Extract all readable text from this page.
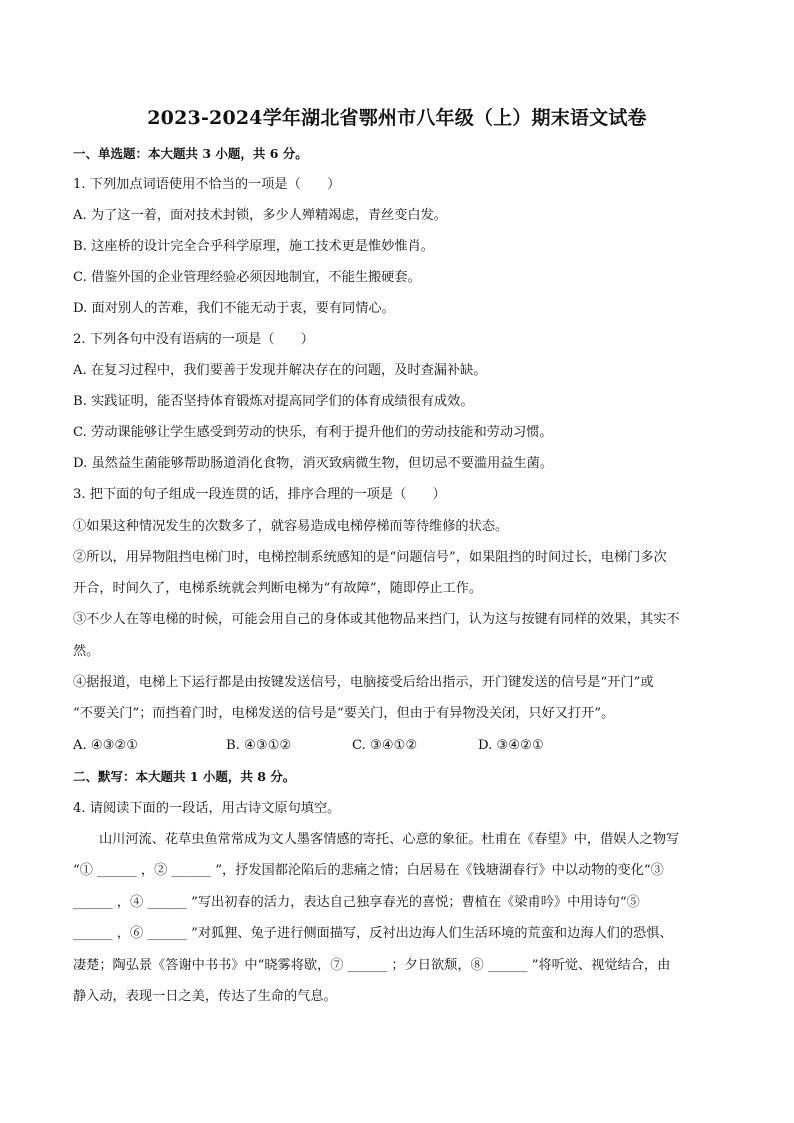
2023-2024学年湖北省鄂州市八年级（上）期末语文试卷
一、单选题：本大题共 3 小题，共 6 分。
1. 下列加点词语使用不恰当的一项是（　　）
A. 为了这一着，面对技术封锁，多少人殚精竭虑，青丝变白发。
B. 这座桥的设计完全合乎科学原理，施工技术更是惟妙惟肖。
C. 借鉴外国的企业管理经验必须因地制宜，不能生搬硬套。
D. 面对别人的苦难，我们不能无动于衷，要有同情心。
2. 下列各句中没有语病的一项是（　　）
A. 在复习过程中，我们要善于发现并解决存在的问题，及时查漏补缺。
B. 实践证明，能否坚持体育锻炼对提高同学们的体育成绩很有成效。
C. 劳动课能够让学生感受到劳动的快乐，有利于提升他们的劳动技能和劳动习惯。
D. 虽然益生菌能够帮助肠道消化食物，消灭致病微生物，但切忌不要滥用益生菌。
3. 把下面的句子组成一段连贯的话，排序合理的一项是（　　）
①如果这种情况发生的次数多了，就容易造成电梯停梯而等待维修的状态。
②所以，用异物阻挡电梯门时，电梯控制系统感知的是“问题信号”，如果阻挡的时间过长，电梯门多次
开合，时间久了，电梯系统就会判断电梯为“有故障”，随即停止工作。
③不少人在等电梯的时候，可能会用自己的身体或其他物品来挡门，认为这与按键有同样的效果，其实不
然。
④据报道，电梯上下运行都是由按键发送信号，电脑接受后给出指示，开门键发送的信号是“开门”或
“不要关门”；而挡着门时，电梯发送的信号是“要关门，但由于有异物没关闭，只好又打开”。
A. ④③②①	B. ④③①②	C. ③④①②	D. ③④②①
二、默写：本大题共 1 小题，共 8 分。
4. 请阅读下面的一段话，用古诗文原句填空。
山川河流、花草虫鱼常常成为文人墨客情感的寄托、心意的象征。杜甫在《春望》中，借娱人之物写
“① ______ ，② ______ ”，抒发国都沦陷后的悲痛之情；白居易在《钱塘湖春行》中以动物的变化“③
______ ，④ ______ ”写出初春的活力，表达自己独享春光的喜悦；曹植在《梁甫吟》中用诗句“⑤
______ ，⑥ ______ ”对狐狸、兔子进行侧面描写，反衬出边海人们生活环境的荒蛮和边海人们的恐惧、
凄楚；陶弘景《答谢中书书》中“晓雾将歇，⑦ ______ ；夕日欲颓，⑧ ______ ”将听觉、视觉结合，由
静入动，表现一日之美，传达了生命的气息。
